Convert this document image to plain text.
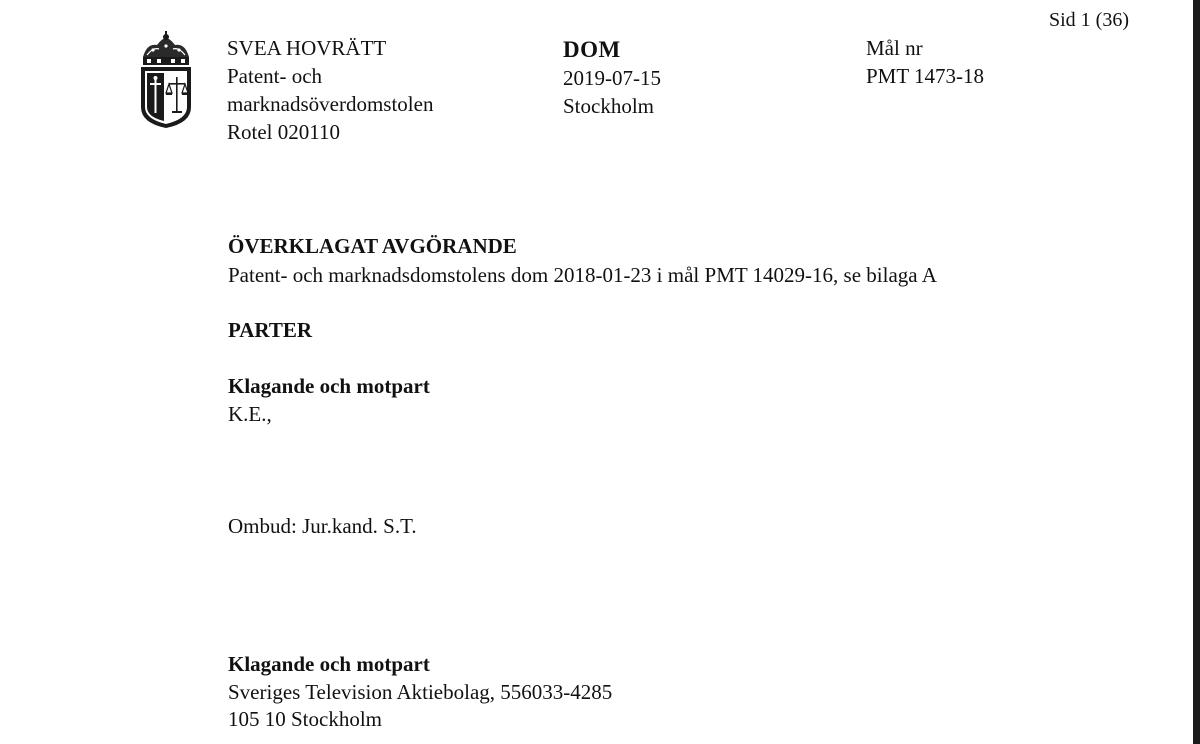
Sid 1 (36)
SVEA HOVRÄTT
Patent- och
marknadsöverdomstolen
Rotel 020110
DOM
2019-07-15
Stockholm
Mål nr
PMT 1473-18
ÖVERKLAGAT AVGÖRANDE
Patent- och marknadsdomstolens dom 2018-01-23 i mål PMT 14029-16, se bilaga A
PARTER
Klagande och motpart
K.E.,
Ombud: Jur.kand. S.T.
Klagande och motpart
Sveriges Television Aktiebolag, 556033-4285
105 10 Stockholm
